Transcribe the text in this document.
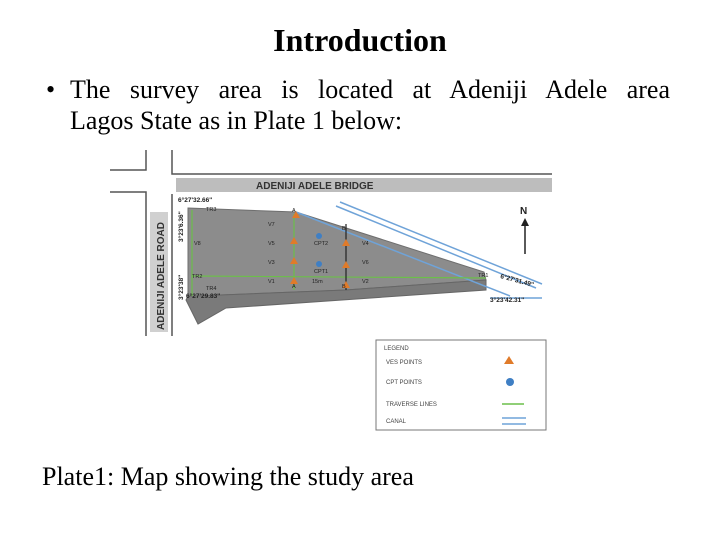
Introduction
• The survey area is located at Adeniji Adele area
Lagos State as in Plate 1 below:
ADENIJI ADELE BRIDGE
ADENIJI ADELE ROAD
TR3
TR1
TR2
TR4
V7
V8	V5	V4
V3	V6
V1	V2
CPT2
CPT1
A
B
A	B
15m
6°27'32.66''
6°27'29.83''
3°23'6.36''
3°23'38''	6°27'31.49''
3°23'42.31''
N
LEGEND
VES POINTS
CPT POINTS
TRAVERSE LINES
CANAL
Plate1: Map showing the study area
